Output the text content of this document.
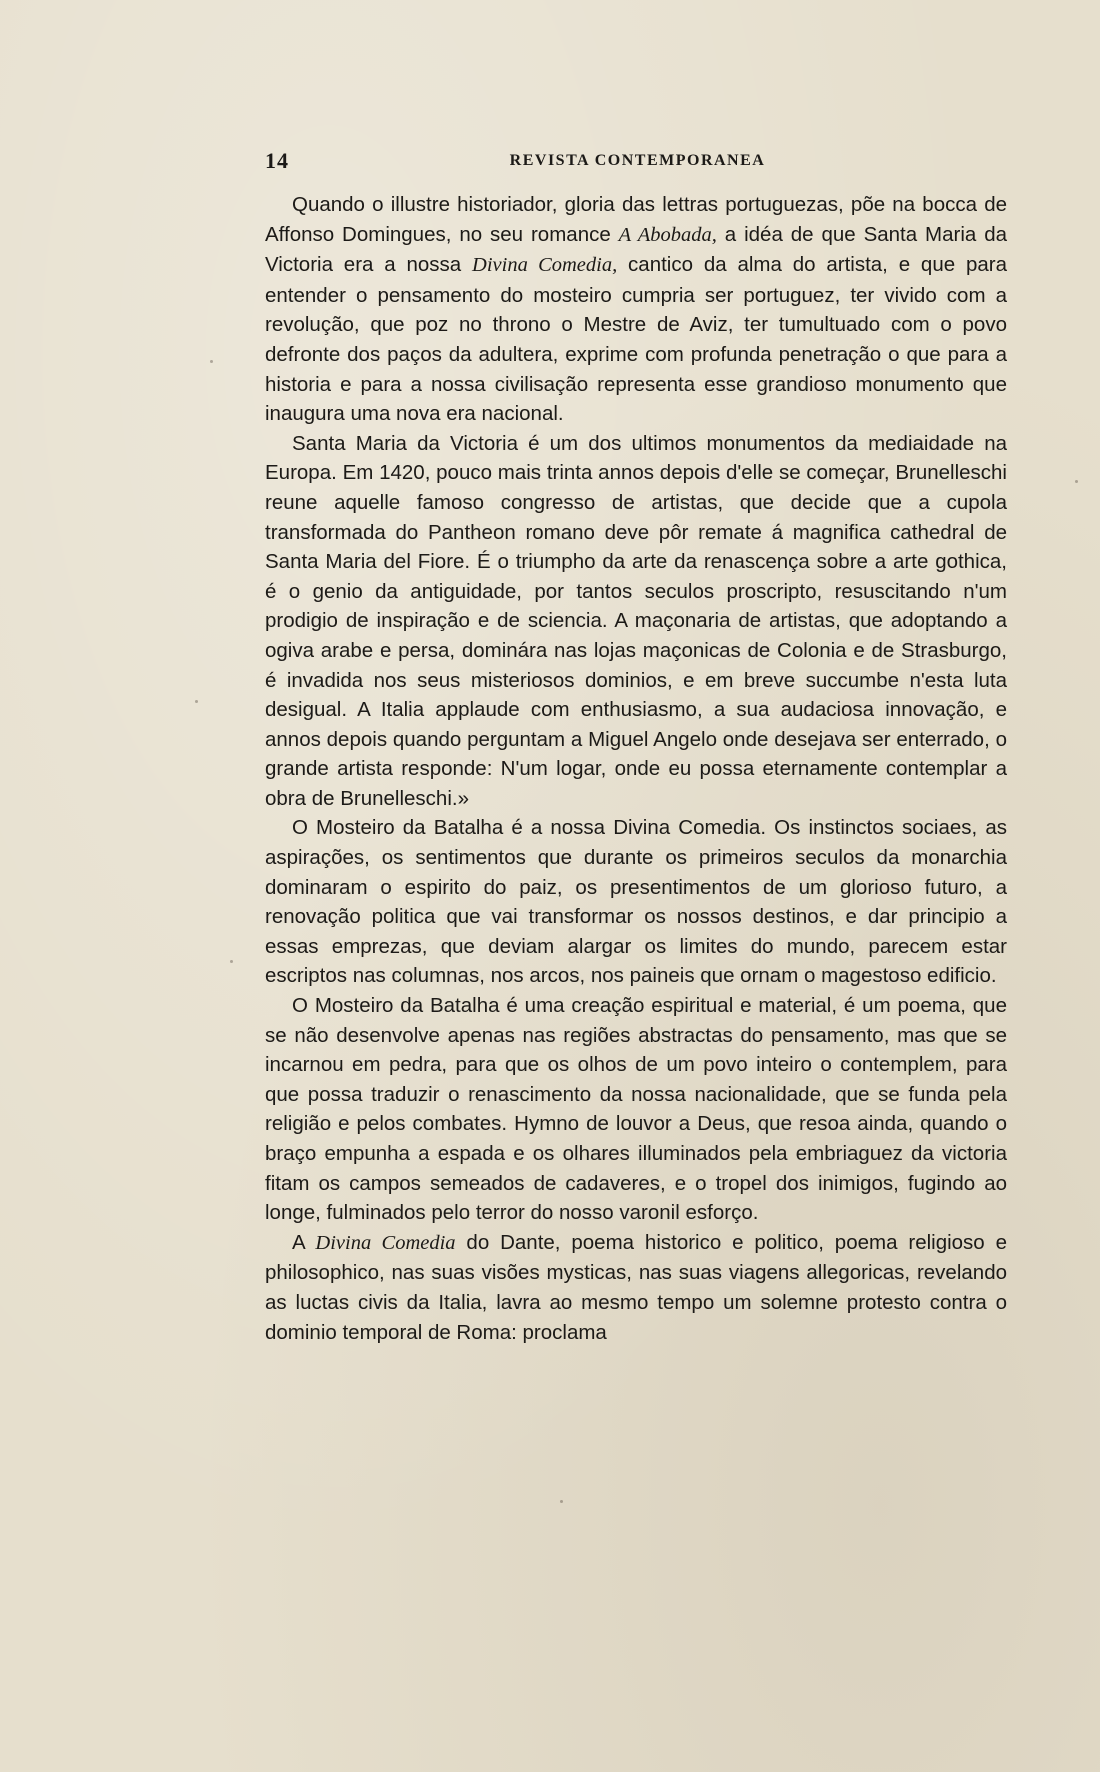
14	REVISTA CONTEMPORANEA

Quando o illustre historiador, gloria das lettras portuguezas, põe na bocca de Affonso Domingues, no seu romance A Abobada, a idéa de que Santa Maria da Victoria era a nossa Divina Comedia, cantico da alma do artista, e que para entender o pensamento do mosteiro cumpria ser portuguez, ter vivido com a revolução, que poz no throno o Mestre de Aviz, ter tumultuado com o povo defronte dos paços da adultera, exprime com profunda penetração o que para a historia e para a nossa civilisação representa esse grandioso monumento que inaugura uma nova era nacional.

Santa Maria da Victoria é um dos ultimos monumentos da mediaidade na Europa. Em 1420, pouco mais trinta annos depois d'elle se começar, Brunelleschi reune aquelle famoso congresso de artistas, que decide que a cupola transformada do Pantheon romano deve pôr remate á magnifica cathedral de Santa Maria del Fiore. É o triumpho da arte da renascença sobre a arte gothica, é o genio da antiguidade, por tantos seculos proscripto, resuscitando n'um prodigio de inspiração e de sciencia. A maçonaria de artistas, que adoptando a ogiva arabe e persa, dominára nas lojas maçonicas de Colonia e de Strasburgo, é invadida nos seus misteriosos dominios, e em breve succumbe n'esta luta desigual. A Italia applaude com enthusiasmo, a sua audaciosa innovação, e annos depois quando perguntam a Miguel Angelo onde desejava ser enterrado, o grande artista responde: N'um logar, onde eu possa eternamente contemplar a obra de Brunelleschi.»

O Mosteiro da Batalha é a nossa Divina Comedia. Os instinctos sociaes, as aspirações, os sentimentos que durante os primeiros seculos da monarchia dominaram o espirito do paiz, os presentimentos de um glorioso futuro, a renovação politica que vai transformar os nossos destinos, e dar principio a essas emprezas, que deviam alargar os limites do mundo, parecem estar escriptos nas columnas, nos arcos, nos paineis que ornam o magestoso edificio.

O Mosteiro da Batalha é uma creação espiritual e material, é um poema, que se não desenvolve apenas nas regiões abstractas do pensamento, mas que se incarnou em pedra, para que os olhos de um povo inteiro o contemplem, para que possa traduzir o renascimento da nossa nacionalidade, que se funda pela religião e pelos combates. Hymno de louvor a Deus, que resoa ainda, quando o braço empunha a espada e os olhares illuminados pela embriaguez da victoria fitam os campos semeados de cadaveres, e o tropel dos inimigos, fugindo ao longe, fulminados pelo terror do nosso varonil esforço.

A Divina Comedia do Dante, poema historico e politico, poema religioso e philosophico, nas suas visões mysticas, nas suas viagens allegoricas, revelando as luctas civis da Italia, lavra ao mesmo tempo um solemne protesto contra o dominio temporal de Roma: proclama
